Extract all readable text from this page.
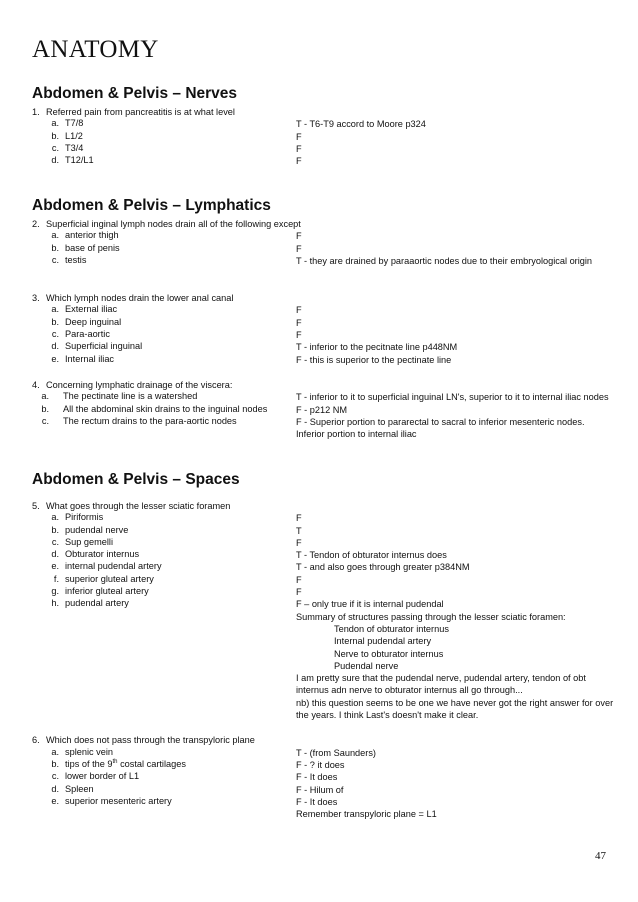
ANATOMY
Abdomen & Pelvis – Nerves
1. Referred pain from pancreatitis is at what level
a. T7/8	T - T6-T9 accord to Moore p324
b. L1/2	F
c. T3/4	F
d. T12/L1	F
Abdomen & Pelvis – Lymphatics
2. Superficial inginal lymph nodes drain all of the following except
a. anterior thigh	F
b. base of penis	F
c. testis	T - they are drained by paraaortic nodes due to their embryological origin
3. Which lymph nodes drain the lower anal canal
a. External iliac	F
b. Deep inguinal	F
c. Para-aortic	F
d. Superficial inguinal	T - inferior to the pecitnate line p448NM
e. Internal iliac	F - this is superior to the pectinate line
4. Concerning lymphatic drainage of the viscera:
a.	The pectinate line is a watershed	T - inferior to it to superficial inguinal LN's, superior to it to internal iliac nodes
b.	All the abdominal skin drains to the inguinal nodes	F - p212 NM
c.	The rectum drains to the para-aortic nodes	F - Superior portion to pararectal to sacral to inferior mesenteric nodes.
Inferior portion to internal iliac
Abdomen & Pelvis – Spaces
5. What goes through the lesser sciatic foramen
a. Piriformis	F
b. pudendal nerve	T
c. Sup gemelli	F
d. Obturator internus	T - Tendon of obturator internus does
e. internal pudendal artery	T - and also goes through greater p384NM
f. superior gluteal artery	F
g. inferior gluteal artery	F
h. pudendal artery	F – only true if it is internal pudendal
Summary of structures passing through the lesser sciatic foramen:
Tendon of obturator internus
Internal pudendal artery
Nerve to obturator internus
Pudendal nerve
I am pretty sure that the pudendal nerve, pudendal artery, tendon of obt
internus adn nerve to obturator internus all go through...
nb) this question seems to be one we have never got the right answer for over
the years. I think Last's doesn't make it clear.
6. Which does not pass through the transpyloric plane
a. splenic vein	T - (from Saunders)
b. tips of the 9th costal cartilages	F - ? it does
c. lower border of L1	F - It does
d. Spleen	F - Hilum of
e. superior mesenteric artery	F - It does
Remember transpyloric plane = L1
47
